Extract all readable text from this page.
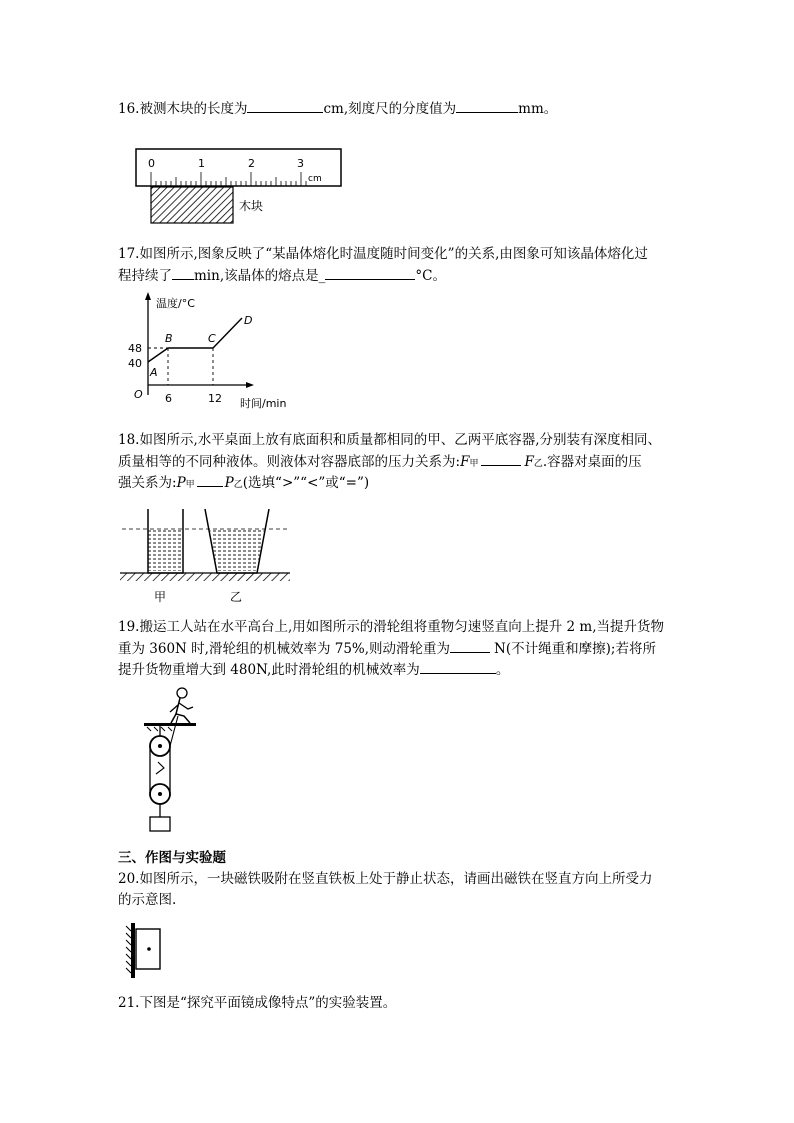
16.被测木块的长度为	cm,刻度尺的分度值为	mm。
0	1	2	3
cm
木块
17.如图所示,图象反映了“某晶体熔化时温度随时间变化”的关系,由图象可知该晶体熔化过
程持续了 min,该晶体的熔点是_	°C。
温度/°C
时间/min
O
48
40
6	12
A
B	C
D
18.如图所示,水平桌面上放有底面积和质量都相同的甲、乙两平底容器,分别装有深度相同、
质量相等的不同种液体。则液体对容器底部的压力关系为:F甲	F乙.容器对桌面的压
强关系为:P甲 P乙(选填“>”“<”或“=”)
甲	乙
19.搬运工人站在水平高台上,用如图所示的滑轮组将重物匀速竖直向上提升 2 m,当提升货物
重为 360N 时,滑轮组的机械效率为 75%,则动滑轮重为	N(不计绳重和摩擦);若将所
提升货物重增大到 480N,此时滑轮组的机械效率为	。
三、作图与实验题
20.如图所示，一块磁铁吸附在竖直铁板上处于静止状态，请画出磁铁在竖直方向上所受力
的示意图.
21.下图是“探究平面镜成像特点”的实验装置。
